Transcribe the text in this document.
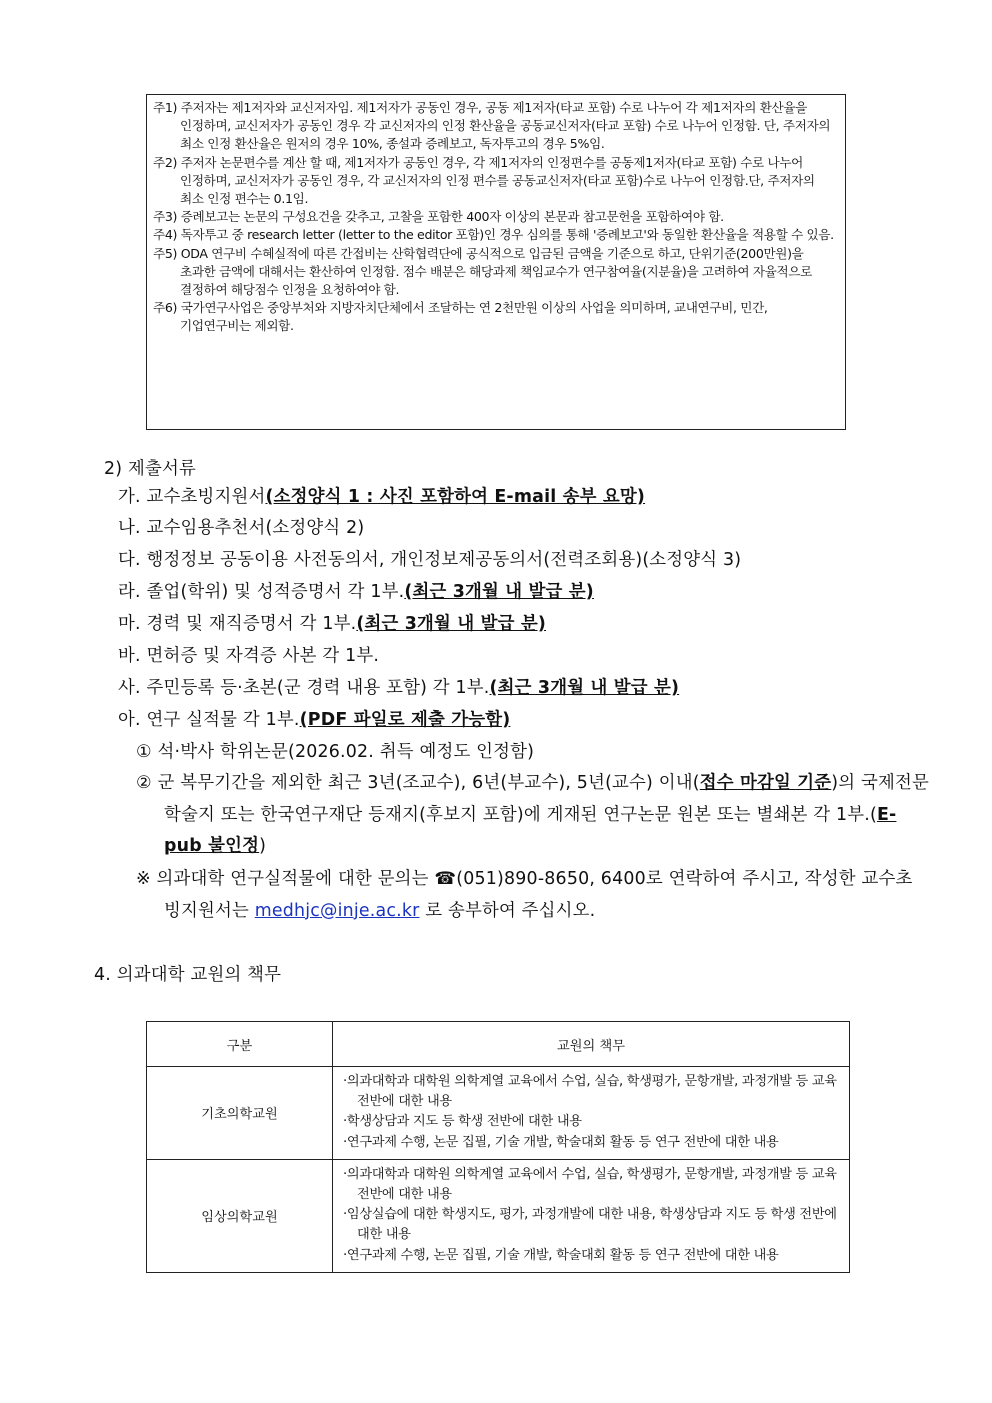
주1) 주저자는 제1저자와 교신저자임. 제1저자가 공동인 경우, 공동 제1저자(타교 포함) 수로 나누어 각 제1저자의 환산율을 인정하며, 교신저자가 공동인 경우 각 교신저자의 인정 환산율을 공동교신저자(타교 포함) 수로 나누어 인정함. 단, 주저자의 최소 인정 환산율은 원저의 경우 10%, 종설과 증례보고, 독자투고의 경우 5%임.

주2) 주저자 논문편수를 계산 할 때, 제1저자가 공동인 경우, 각 제1저자의 인정편수를 공동제1저자(타교 포함) 수로 나누어 인정하며, 교신저자가 공동인 경우, 각 교신저자의 인정 편수를 공동교신저자(타교 포함)수로 나누어 인정함.단, 주저자의 최소 인정 편수는 0.1임.

주3) 증례보고는 논문의 구성요건을 갖추고, 고찰을 포함한 400자 이상의 본문과 참고문헌을 포함하여야 함.

주4) 독자투고 중 research letter (letter to the editor 포함)인 경우 심의를 통해 '증례보고'와 동일한 환산율을 적용할 수 있음.

주5) ODA 연구비 수혜실적에 따른 간접비는 산학협력단에 공식적으로 입금된 금액을 기준으로 하고, 단위기준(200만원)을 초과한 금액에 대해서는 환산하여 인정함. 점수 배분은 해당과제 책임교수가 연구참여율(지분율)을 고려하여 자율적으로 결정하여 해당점수 인정을 요청하여야 함.

주6) 국가연구사업은 중앙부처와 지방자치단체에서 조달하는 연 2천만원 이상의 사업을 의미하며, 교내연구비, 민간, 기업연구비는 제외함.

2) 제출서류
가. 교수초빙지원서(소정양식 1 : 사진 포함하여 E-mail 송부 요망)
나. 교수임용추천서(소정양식 2)
다. 행정정보 공동이용 사전동의서, 개인정보제공동의서(전력조회용)(소정양식 3)
라. 졸업(학위) 및 성적증명서 각 1부.(최근 3개월 내 발급 분)
마. 경력 및 재직증명서 각 1부.(최근 3개월 내 발급 분)
바. 면허증 및 자격증 사본 각 1부.
사. 주민등록 등·초본(군 경력 내용 포함) 각 1부.(최근 3개월 내 발급 분)
아. 연구 실적물 각 1부.(PDF 파일로 제출 가능함)
① 석·박사 학위논문(2026.02. 취득 예정도 인정함)
② 군 복무기간을 제외한 최근 3년(조교수), 6년(부교수), 5년(교수) 이내(접수 마감일 기준)의 국제전문학술지 또는 한국연구재단 등재지(후보지 포함)에 게재된 연구논문 원본 또는 별쇄본 각 1부.(E-pub 불인정)
※ 의과대학 연구실적물에 대한 문의는 ☎(051)890-8650, 6400로 연락하여 주시고, 작성한 교수초빙지원서는 medhjc@inje.ac.kr 로 송부하여 주십시오.
4. 의과대학 교원의 책무
구분	교원의 책무
기초의학교원	·의과대학과 대학원 의학계열 교육에서 수업, 실습, 학생평가, 문항개발, 과정개발 등 교육 전반에 대한 내용
·학생상담과 지도 등 학생 전반에 대한 내용
·연구과제 수행, 논문 집필, 기술 개발, 학술대회 활동 등 연구 전반에 대한 내용

임상의학교원	·의과대학과 대학원 의학계열 교육에서 수업, 실습, 학생평가, 문항개발, 과정개발 등 교육 전반에 대한 내용
·임상실습에 대한 학생지도, 평가, 과정개발에 대한 내용, 학생상담과 지도 등 학생 전반에 대한 내용
·연구과제 수행, 논문 집필, 기술 개발, 학술대회 활동 등 연구 전반에 대한 내용
